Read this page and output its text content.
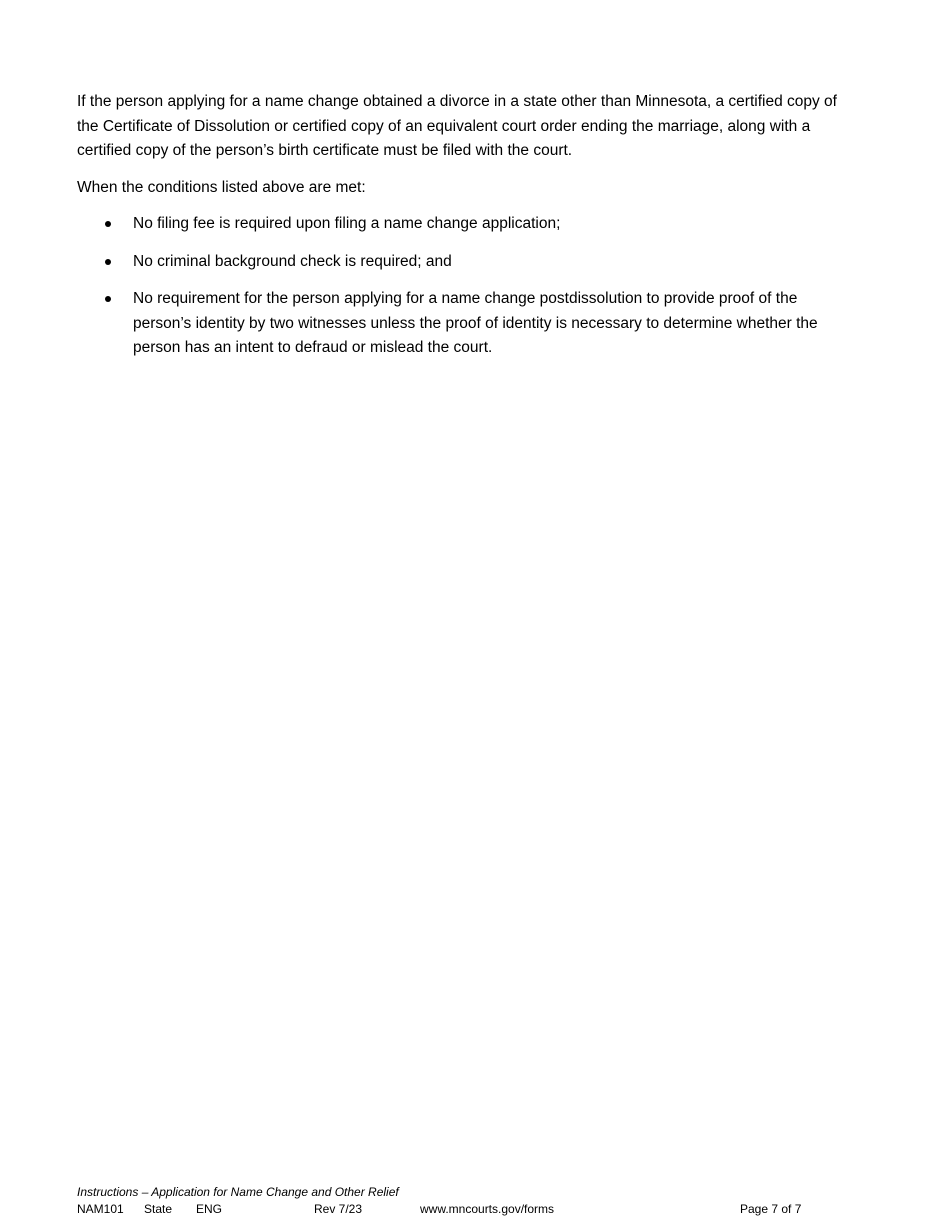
If the person applying for a name change obtained a divorce in a state other than Minnesota, a certified copy of the Certificate of Dissolution or certified copy of an equivalent court order ending the marriage, along with a certified copy of the person’s birth certificate must be filed with the court.

When the conditions listed above are met:

No filing fee is required upon filing a name change application;
No criminal background check is required; and
No requirement for the person applying for a name change postdissolution to provide proof of the person’s identity by two witnesses unless the proof of identity is necessary to determine whether the person has an intent to defraud or mislead the court.
Instructions – Application for Name Change and Other Relief
NAM101 State ENG	Rev 7/23	www.mncourts.gov/forms	Page 7 of 7
